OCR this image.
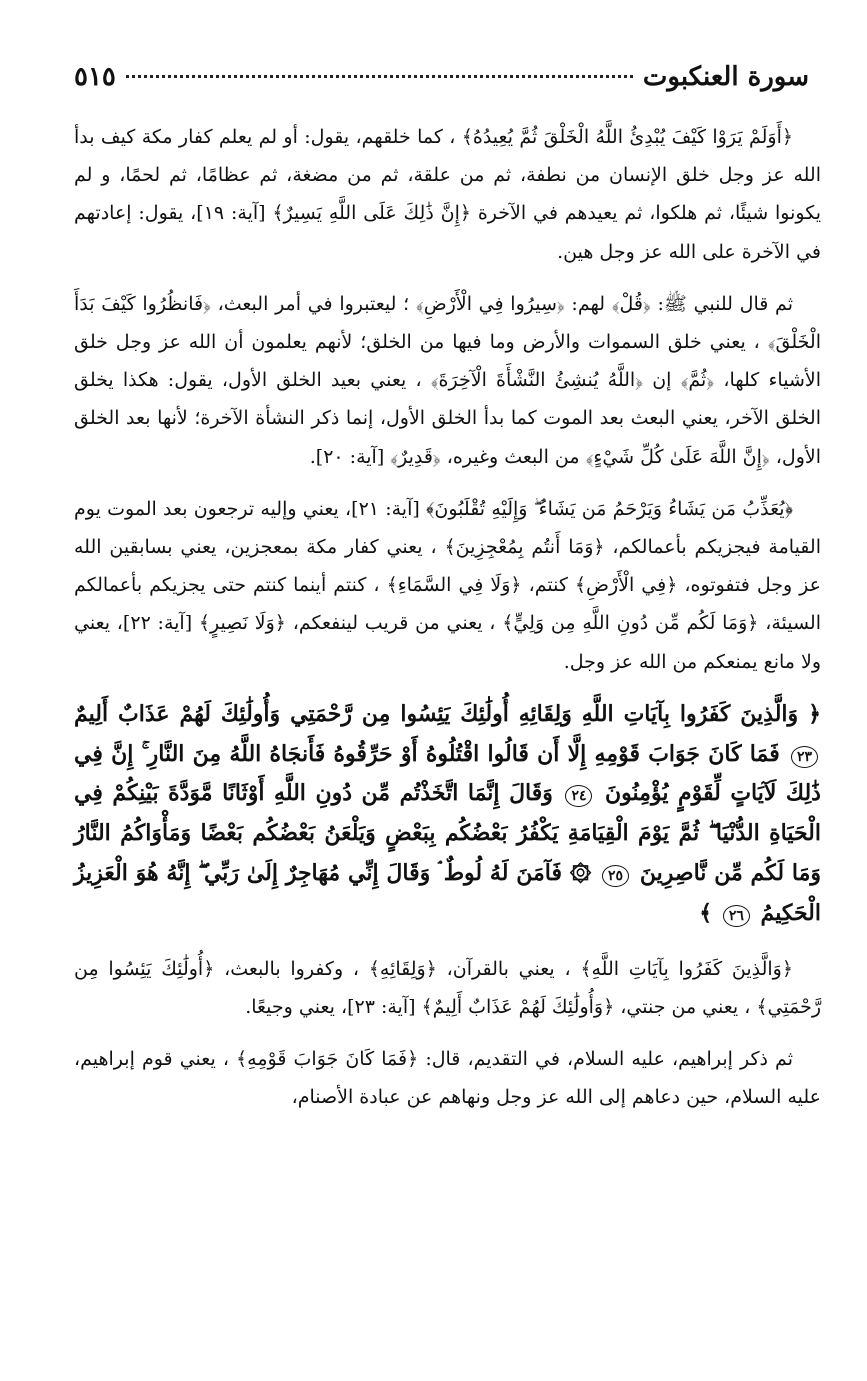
سورة العنكبوت
٥١٥

﴿أَوَلَمْ يَرَوْا كَيْفَ يُبْدِئُ اللَّهُ الْخَلْقَ ثُمَّ يُعِيدُهُ﴾ ، كما خلقهم، يقول: أو لم يعلم كفار مكة كيف بدأ الله عز وجل خلق الإنسان من نطفة، ثم من علقة، ثم من مضغة، ثم عظامًا، ثم لحمًا، و لم يكونوا شيئًا، ثم هلكوا، ثم يعيدهم في الآخرة ﴿إِنَّ ذَٰلِكَ عَلَى اللَّهِ يَسِيرٌ﴾ [آية: ١٩]، يقول: إعادتهم في الآخرة على الله عز وجل هين.

ثم قال للنبي ﷺ: ﴿قُلْ﴾ لهم: ﴿سِيرُوا فِي الْأَرْضِ﴾ ؛ ليعتبروا في أمر البعث، ﴿فَانظُرُوا كَيْفَ بَدَأَ الْخَلْقَ﴾ ، يعني خلق السموات والأرض وما فيها من الخلق؛ لأنهم يعلمون أن الله عز وجل خلق الأشياء كلها، ﴿ثُمَّ﴾ إن ﴿اللَّهُ يُنشِئُ النَّشْأَةَ الْآخِرَةَ﴾ ، يعني بعيد الخلق الأول، يقول: هكذا يخلق الخلق الآخر، يعني البعث بعد الموت كما بدأ الخلق الأول، إنما ذكر النشأة الآخرة؛ لأنها بعد الخلق الأول، ﴿إِنَّ اللَّهَ عَلَىٰ كُلِّ شَيْءٍ﴾ من البعث وغيره، ﴿قَدِيرٌ﴾ [آية: ٢٠].

﴿يُعَذِّبُ مَن يَشَاءُ وَيَرْحَمُ مَن يَشَاءُ ۖ وَإِلَيْهِ تُقْلَبُونَ﴾ [آية: ٢١]، يعني وإليه ترجعون بعد الموت يوم القيامة فيجزيكم بأعمالكم، ﴿وَمَا أَنتُم بِمُعْجِزِينَ﴾ ، يعني كفار مكة بمعجزين، يعني بسابقين الله عز وجل فتفوتوه، ﴿فِي الْأَرْضِ﴾ كنتم، ﴿وَلَا فِي السَّمَاءِ﴾ ، كنتم أينما كنتم حتى يجزيكم بأعمالكم السيئة، ﴿وَمَا لَكُم مِّن دُونِ اللَّهِ مِن وَلِيٍّ﴾ ، يعني من قريب لينفعكم، ﴿وَلَا نَصِيرٍ﴾ [آية: ٢٢]، يعني ولا مانع يمنعكم من الله عز وجل.

﴿ وَالَّذِينَ كَفَرُوا بِآيَاتِ اللَّهِ وَلِقَائِهِ أُولَٰئِكَ يَئِسُوا مِن رَّحْمَتِي وَأُولَٰئِكَ لَهُمْ عَذَابٌ أَلِيمٌ ٢٣ فَمَا كَانَ جَوَابَ قَوْمِهِ إِلَّا أَن قَالُوا اقْتُلُوهُ أَوْ حَرِّقُوهُ فَأَنجَاهُ اللَّهُ مِنَ النَّارِ ۚ إِنَّ فِي ذَٰلِكَ لَآيَاتٍ لِّقَوْمٍ يُؤْمِنُونَ ٢٤ وَقَالَ إِنَّمَا اتَّخَذْتُم مِّن دُونِ اللَّهِ أَوْثَانًا مَّوَدَّةَ بَيْنِكُمْ فِي الْحَيَاةِ الدُّنْيَا ۖ ثُمَّ يَوْمَ الْقِيَامَةِ يَكْفُرُ بَعْضُكُم بِبَعْضٍ وَيَلْعَنُ بَعْضُكُم بَعْضًا وَمَأْوَاكُمُ النَّارُ وَمَا لَكُم مِّن نَّاصِرِينَ ٢٥ ۞ فَآمَنَ لَهُ لُوطٌ ۘ وَقَالَ إِنِّي مُهَاجِرٌ إِلَىٰ رَبِّي ۖ إِنَّهُ هُوَ الْعَزِيزُ الْحَكِيمُ ٢٦ ﴾

﴿وَالَّذِينَ كَفَرُوا بِآيَاتِ اللَّهِ﴾ ، يعني بالقرآن، ﴿وَلِقَائِهِ﴾ ، وكفروا بالبعث، ﴿أُولَٰئِكَ يَئِسُوا مِن رَّحْمَتِي﴾ ، يعني من جنتي، ﴿وَأُولَٰئِكَ لَهُمْ عَذَابٌ أَلِيمٌ﴾ [آية: ٢٣]، يعني وجيعًا.

ثم ذكر إبراهيم، عليه السلام، في التقديم، قال: ﴿فَمَا كَانَ جَوَابَ قَوْمِهِ﴾ ، يعني قوم إبراهيم، عليه السلام، حين دعاهم إلى الله عز وجل ونهاهم عن عبادة الأصنام،
